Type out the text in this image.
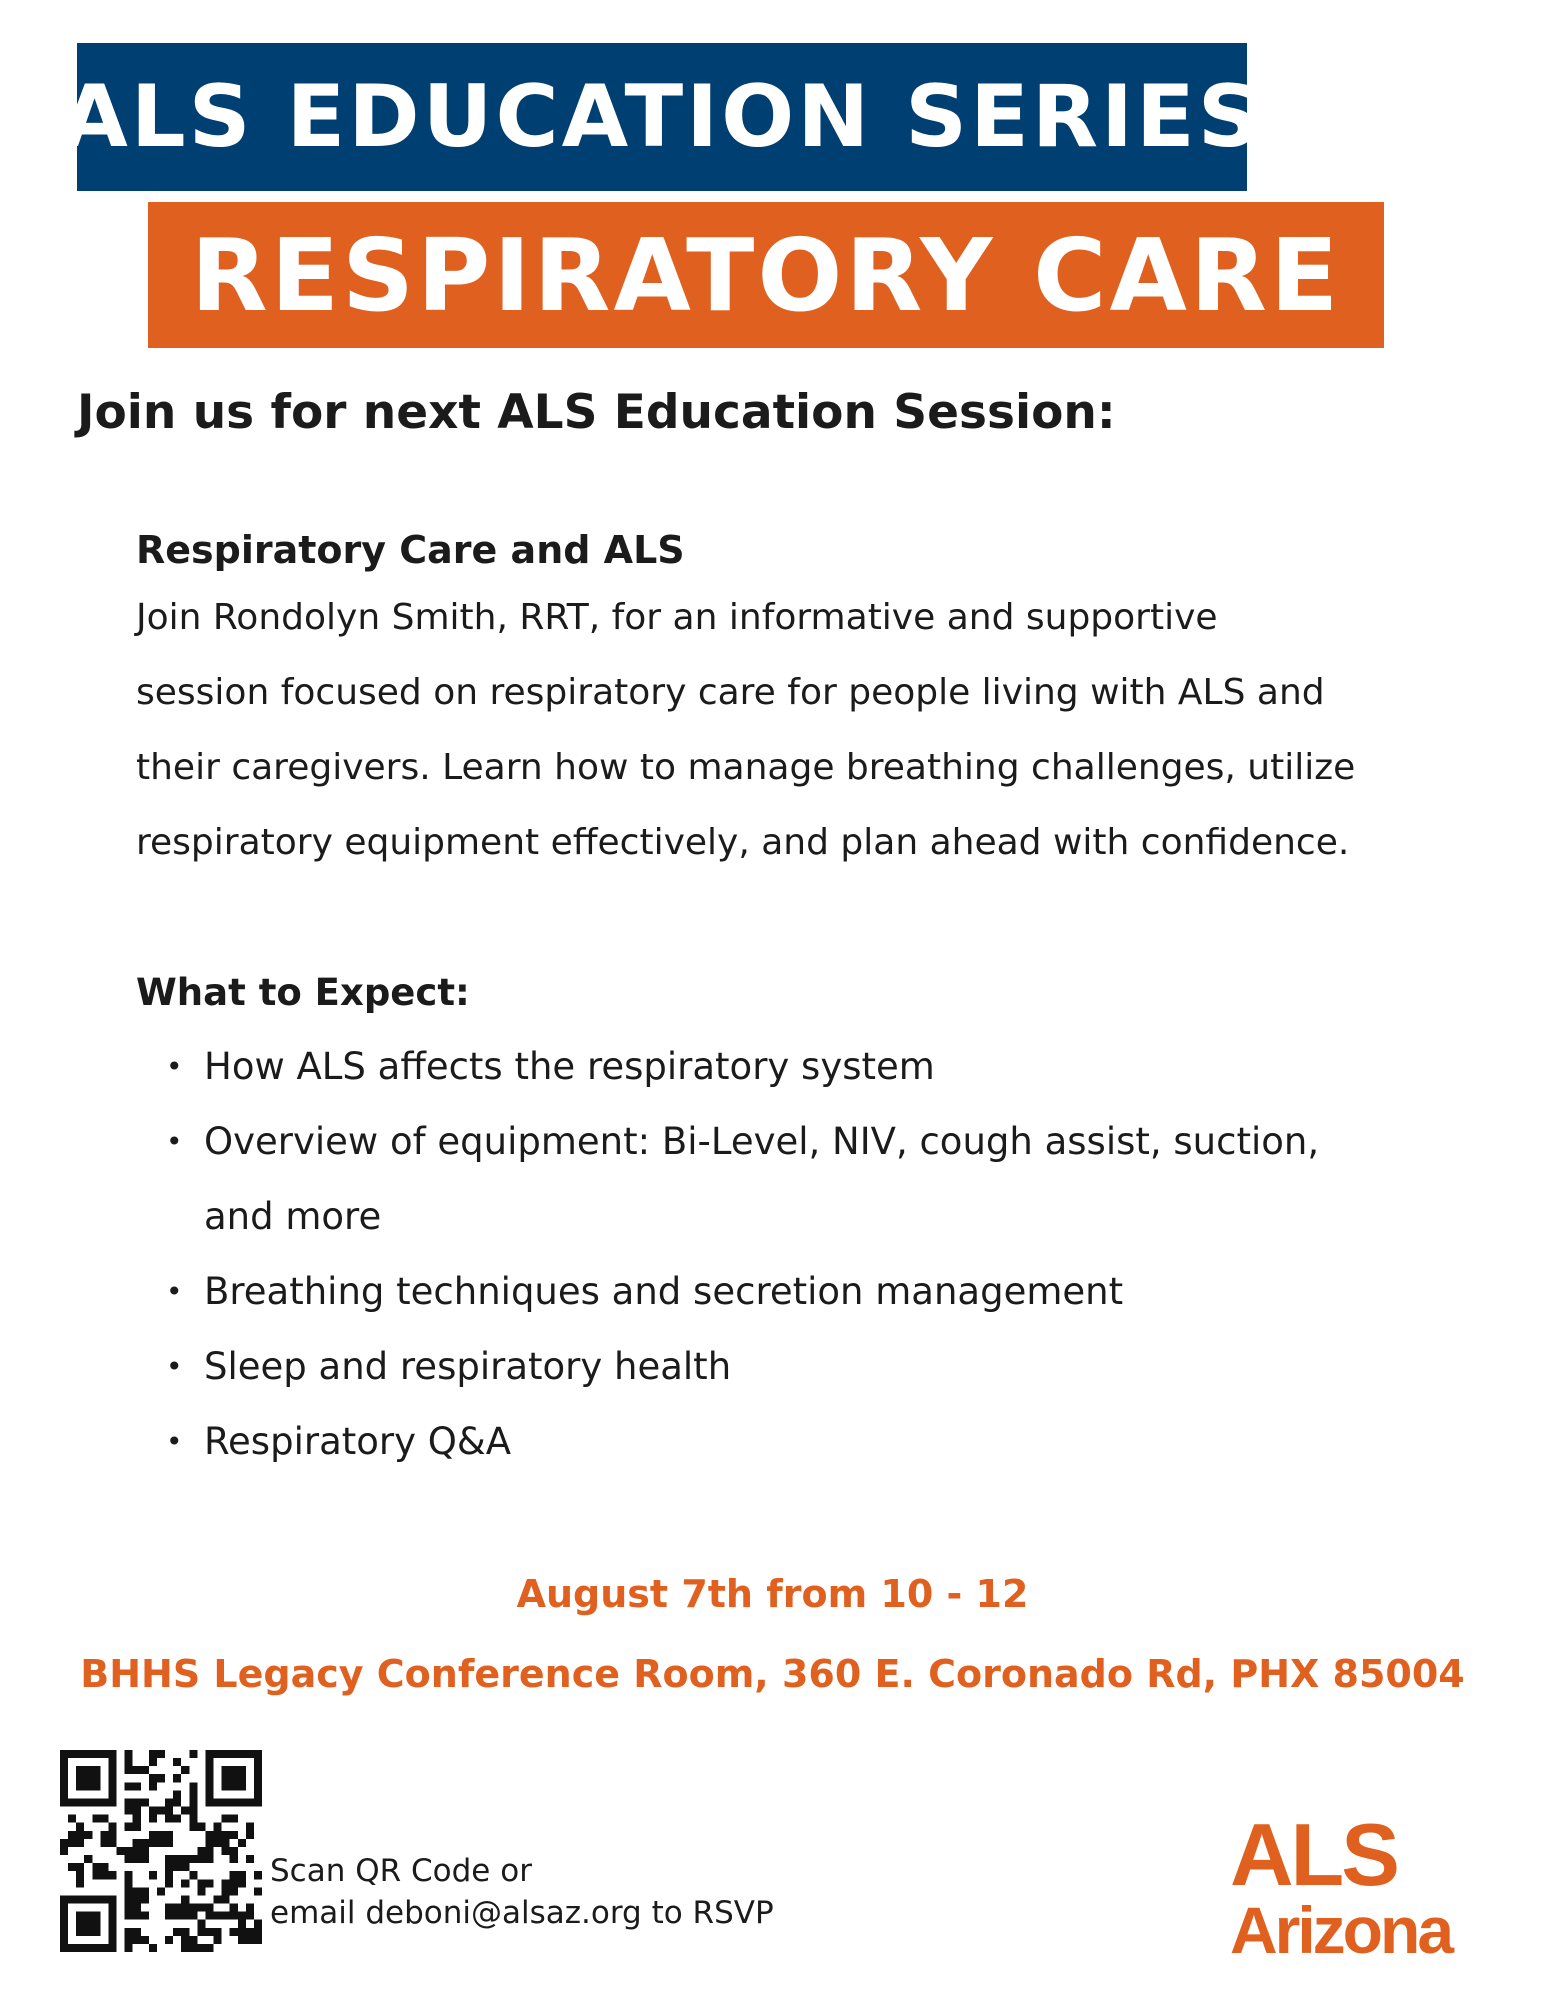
ALS EDUCATION SERIES
RESPIRATORY CARE
Join us for next ALS Education Session:

Respiratory Care and ALS

Join Rondolyn Smith, RRT, for an informative and supportive
session focused on respiratory care for people living with ALS and
their caregivers. Learn how to manage breathing challenges, utilize
respiratory equipment effectively, and plan ahead with confidence.

What to Expect:

• How ALS affects the respiratory system
• Overview of equipment: Bi-Level, NIV, cough assist, suction,
and more
• Breathing techniques and secretion management
• Sleep and respiratory health
• Respiratory Q&A
August 7th from 10 - 12
BHHS Legacy Conference Room, 360 E. Coronado Rd, PHX 85004
Scan QR Code or
email deboni@alsaz.org to RSVP
ALS
Arizona
